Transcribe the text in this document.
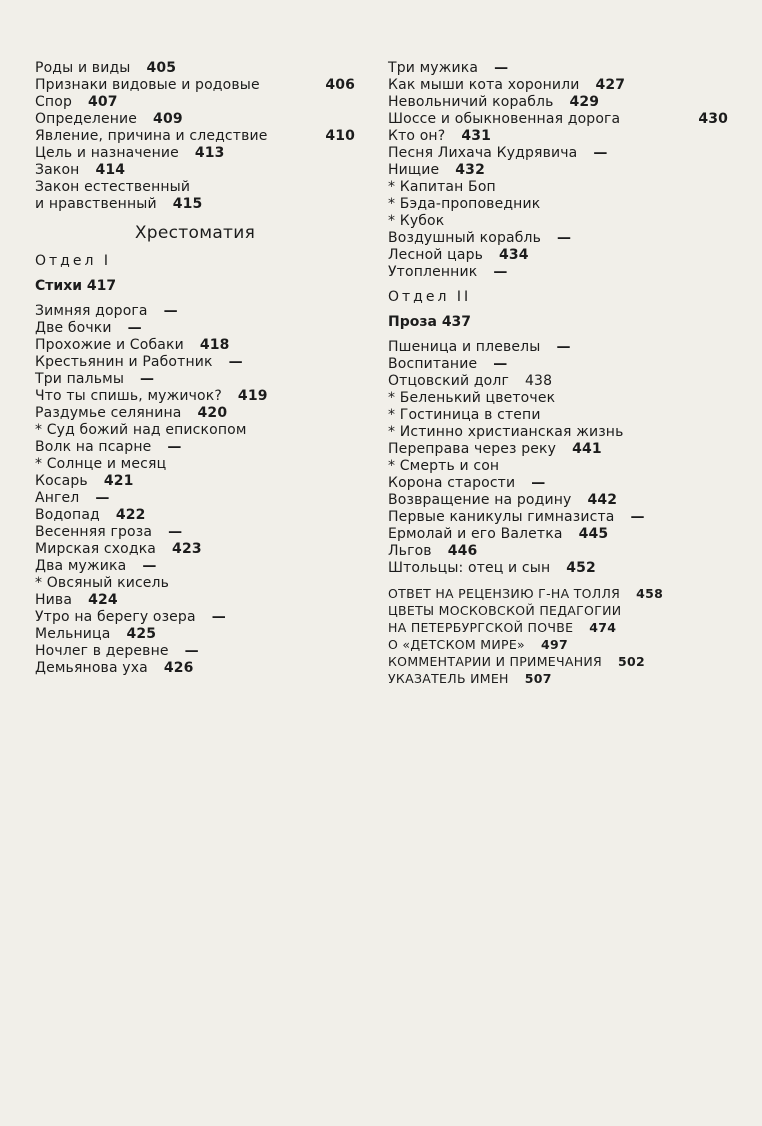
Роды и виды 405
Признаки видовые и родовые	406
Спор 407
Определение 409
Явление, причина и следствие	410
Цель и назначение 413
Закон 414
Закон естественный
и нравственный 415
Хрестоматия
Отдел I
Стихи 417
Зимняя дорога —
Две бочки —
Прохожие и Собаки 418
Крестьянин и Работник —
Три пальмы —
Что ты спишь, мужичок? 419
Раздумье селянина 420
* Суд божий над епископом
Волк на псарне —
* Солнце и месяц
Косарь 421
Ангел —
Водопад 422
Весенняя гроза —
Мирская сходка 423
Два мужика —
* Овсяный кисель
Нива 424
Утро на берегу озера —
Мельница 425
Ночлег в деревне —
Демьянова уха 426
Три мужика —
Как мыши кота хоронили 427
Невольничий корабль 429
Шоссе и обыкновенная дорога	430
Кто он? 431
Песня Лихача Кудрявича —
Нищие 432
* Капитан Боп
* Бэда-проповедник
* Кубок
Воздушный корабль —
Лесной царь 434
Утопленник —
Отдел II
Проза 437
Пшеница и плевелы —
Воспитание —
Отцовский долг 438
* Беленький цветочек
* Гостиница в степи
* Истинно христианская жизнь
Переправа через реку 441
* Смерть и сон
Корона старости —
Возвращение на родину 442
Первые каникулы гимназиста —
Ермолай и его Валетка 445
Льгов 446
Штольцы: отец и сын 452
ОТВЕТ НА РЕЦЕНЗИЮ Г-НА ТОЛЛЯ 458
ЦВЕТЫ МОСКОВСКОЙ ПЕДАГОГИИ
НА ПЕТЕРБУРГСКОЙ ПОЧВЕ 474
О «ДЕТСКОМ МИРЕ» 497
КОММЕНТАРИИ И ПРИМЕЧАНИЯ 502
УКАЗАТЕЛЬ ИМЕН 507
